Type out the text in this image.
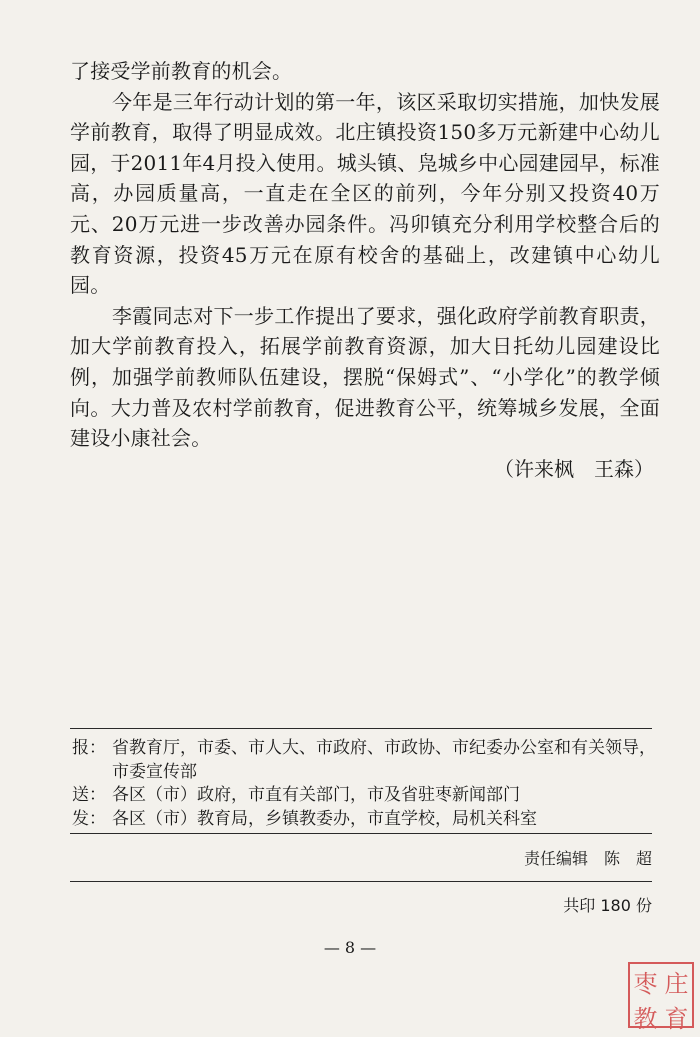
了接受学前教育的机会。

今年是三年行动计划的第一年，该区采取切实措施，加快发展学前教育，取得了明显成效。北庄镇投资150多万元新建中心幼儿园，于2011年4月投入使用。城头镇、凫城乡中心园建园早，标准高，办园质量高，一直走在全区的前列，今年分别又投资40万元、20万元进一步改善办园条件。冯卯镇充分利用学校整合后的教育资源，投资45万元在原有校舍的基础上，改建镇中心幼儿园。

李霞同志对下一步工作提出了要求，强化政府学前教育职责，加大学前教育投入，拓展学前教育资源，加大日托幼儿园建设比例，加强学前教师队伍建设，摆脱“保姆式”、“小学化”的教学倾向。大力普及农村学前教育，促进教育公平，统筹城乡发展，全面建设小康社会。

（许来枫　王森）

报： 省教育厅，市委、市人大、市政府、市政协、市纪委办公室和有关领导，市委宣传部
送： 各区（市）政府，市直有关部门，市及省驻枣新闻部门
发： 各区（市）教育局，乡镇教委办，市直学校，局机关科室
责任编辑　陈　超
共印 180 份
— 8 —
枣 庄
教 育
